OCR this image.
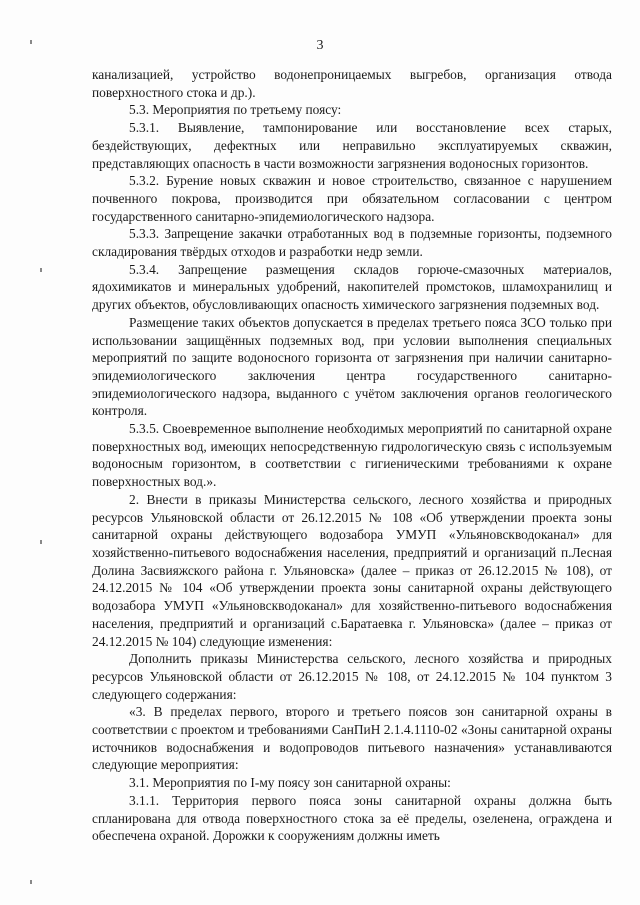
3

канализацией, устройство водонепроницаемых выгребов, организация отвода поверхностного стока и др.).

5.3. Мероприятия по третьему поясу:

5.3.1. Выявление, тампонирование или восстановление всех старых, бездействующих, дефектных или неправильно эксплуатируемых скважин, представляющих опасность в части возможности загрязнения водоносных горизонтов.

5.3.2. Бурение новых скважин и новое строительство, связанное с нарушением почвенного покрова, производится при обязательном согласовании с центром государственного санитарно-эпидемиологического надзора.

5.3.3. Запрещение закачки отработанных вод в подземные горизонты, подземного складирования твёрдых отходов и разработки недр земли.

5.3.4. Запрещение размещения складов горюче-смазочных материалов, ядохимикатов и минеральных удобрений, накопителей промстоков, шламохранилищ и других объектов, обусловливающих опасность химического загрязнения подземных вод.

Размещение таких объектов допускается в пределах третьего пояса ЗСО только при использовании защищённых подземных вод, при условии выполнения специальных мероприятий по защите водоносного горизонта от загрязнения при наличии санитарно-эпидемиологического заключения центра государственного санитарно-эпидемиологического надзора, выданного с учётом заключения органов геологического контроля.

5.3.5. Своевременное выполнение необходимых мероприятий по санитарной охране поверхностных вод, имеющих непосредственную гидрологическую связь с используемым водоносным горизонтом, в соответствии с гигиеническими требованиями к охране поверхностных вод.».

2. Внести в приказы Министерства сельского, лесного хозяйства и природных ресурсов Ульяновской области от 26.12.2015 № 108 «Об утверждении проекта зоны санитарной охраны действующего водозабора УМУП «Ульяновскводоканал» для хозяйственно-питьевого водоснабжения населения, предприятий и организаций п.Лесная Долина Засвияжского района г. Ульяновска» (далее – приказ от 26.12.2015 № 108), от 24.12.2015 № 104 «Об утверждении проекта зоны санитарной охраны действующего водозабора УМУП «Ульяновскводоканал» для хозяйственно-питьевого водоснабжения населения, предприятий и организаций с.Баратаевка г. Ульяновска» (далее – приказ от 24.12.2015 № 104) следующие изменения:

Дополнить приказы Министерства сельского, лесного хозяйства и природных ресурсов Ульяновской области от 26.12.2015 № 108, от 24.12.2015 № 104 пунктом 3 следующего содержания:

«3. В пределах первого, второго и третьего поясов зон санитарной охраны в соответствии с проектом и требованиями СанПиН 2.1.4.1110-02 «Зоны санитарной охраны источников водоснабжения и водопроводов питьевого назначения» устанавливаются следующие мероприятия:

3.1. Мероприятия по I-му поясу зон санитарной охраны:

3.1.1. Территория первого пояса зоны санитарной охраны должна быть спланирована для отвода поверхностного стока за её пределы, озеленена, ограждена и обеспечена охраной. Дорожки к сооружениям должны иметь
